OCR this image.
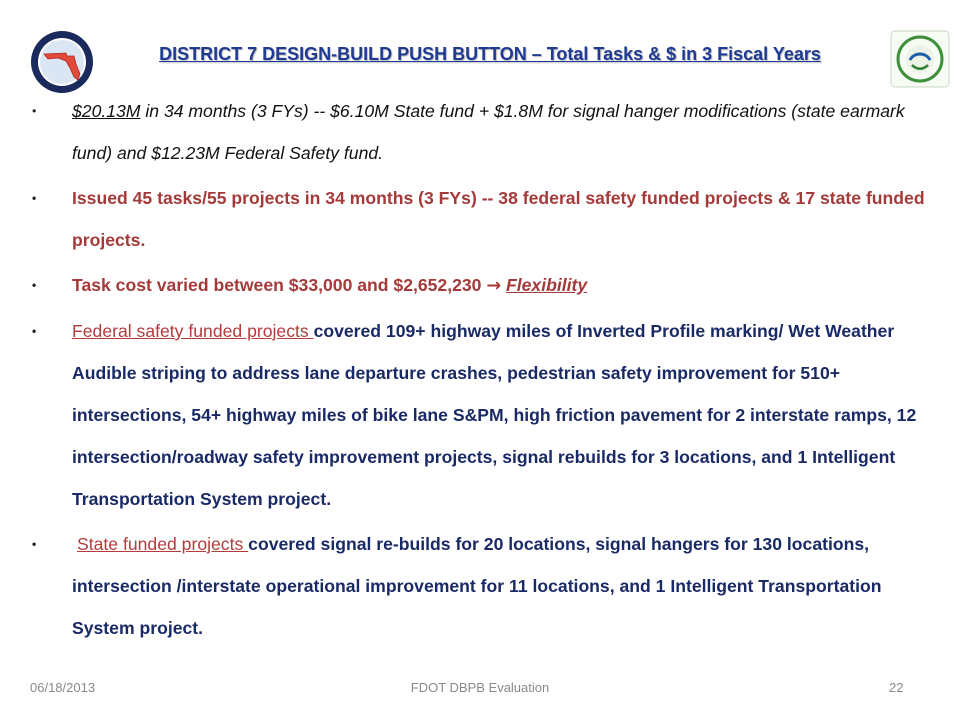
DISTRICT 7 DESIGN-BUILD PUSH BUTTON – Total Tasks & $ in 3 Fiscal Years
•	$20.13M in 34 months (3 FYs) -- $6.10M State fund + $1.8M for signal hanger modifications (state earmark fund) and $12.23M Federal Safety fund.
•	Issued 45 tasks/55 projects in 34 months (3 FYs) -- 38 federal safety funded projects & 17 state funded projects.
•	Task cost varied between $33,000 and $2,652,230 → Flexibility
•	Federal safety funded projects covered 109+ highway miles of Inverted Profile marking/ Wet Weather Audible striping to address lane departure crashes, pedestrian safety improvement for 510+ intersections, 54+ highway miles of bike lane S&PM, high friction pavement for 2 interstate ramps, 12 intersection/roadway safety improvement projects, signal rebuilds for 3 locations, and 1 Intelligent Transportation System project.
•	State funded projects covered signal re-builds for 20 locations, signal hangers for 130 locations, intersection /interstate operational improvement for 11 locations, and 1 Intelligent Transportation System project.
06/18/2013	FDOT DBPB Evaluation	22
